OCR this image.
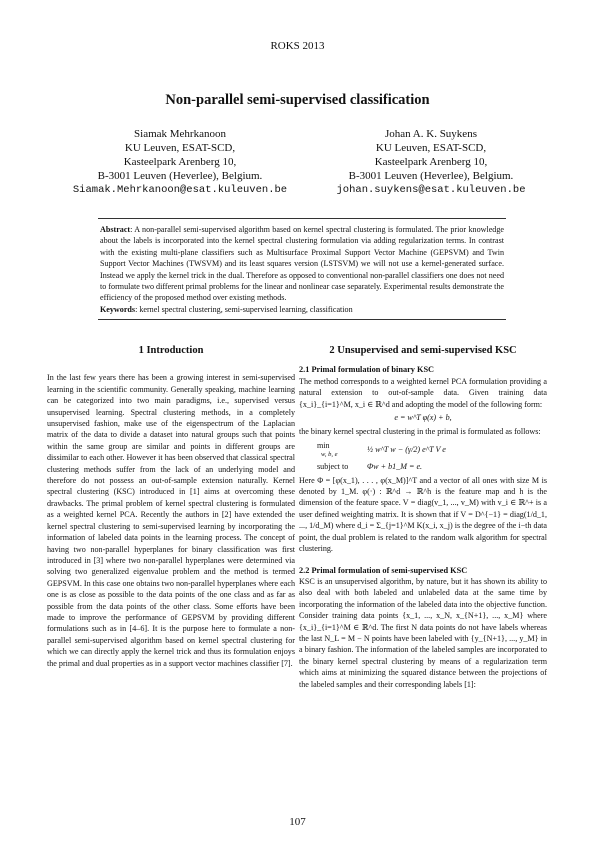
ROKS 2013
Non-parallel semi-supervised classification
Siamak Mehrkanoon
KU Leuven, ESAT-SCD,
Kasteelpark Arenberg 10,
B-3001 Leuven (Heverlee), Belgium.
Siamak.Mehrkanoon@esat.kuleuven.be
Johan A. K. Suykens
KU Leuven, ESAT-SCD,
Kasteelpark Arenberg 10,
B-3001 Leuven (Heverlee), Belgium.
johan.suykens@esat.kuleuven.be

Abstract: A non-parallel semi-supervised algorithm based on kernel spectral clustering is formulated. The prior knowledge about the labels is incorporated into the kernel spectral clustering formulation via adding regularization terms. In contrast with the existing multi-plane classifiers such as Multisurface Proximal Support Vector Machine (GEPSVM) and Twin Support Vector Machines (TWSVM) and its least squares version (LSTSVM) we will not use a kernel-generated surface. Instead we apply the kernel trick in the dual. Therefore as opposed to conventional non-parallel classifiers one does not need to formulate two different primal problems for the linear and nonlinear case separately. Experimental results demonstrate the efficiency of the proposed method over existing methods.

Keywords: kernel spectral clustering, semi-supervised learning, classification

1 Introduction

In the last few years there has been a growing interest in semi-supervised learning in the scientific community. Generally speaking, machine learning can be categorized into two main paradigms, i.e., supervised versus unsupervised learning. Spectral clustering methods, in a completely unsupervised fashion, make use of the eigenspectrum of the Laplacian matrix of the data to divide a dataset into natural groups such that points within the same group are similar and points in different groups are dissimilar to each other. However it has been observed that classical spectral clustering methods suffer from the lack of an underlying model and therefore do not possess an out-of-sample extension naturally. Kernel spectral clustering (KSC) introduced in [1] aims at overcoming these drawbacks. The primal problem of kernel spectral clustering is formulated as a weighted kernel PCA. Recently the authors in [2] have extended the kernel spectral clustering to semi-supervised learning by incorporating the information of labeled data points in the learning process. The concept of having two non-parallel hyperplanes for binary classification was first introduced in [3] where two non-parallel hyperplanes were determined via solving two generalized eigenvalue problem and the method is termed GEPSVM. In this case one obtains two non-parallel hyperplanes where each one is as close as possible to the data points of the one class and as far as possible from the data points of the other class. Some efforts have been made to improve the performance of GEPSVM by providing different formulations such as in [4–6]. It is the purpose here to formulate a non-parallel semi-supervised algorithm based on kernel spectral clustering for which we can directly apply the kernel trick and thus its formulation enjoys the primal and dual properties as in a support vector machines classifier [7].

2 Unsupervised and semi-supervised KSC
2.1 Primal formulation of binary KSC

The method corresponds to a weighted kernel PCA formulation providing a natural extension to out-of-sample data. Given training data {x_i}_{i=1}^M, x_i ∈ ℝ^d and adopting the model of the following form:

e = w^T φ(x) + b,

the binary kernel spectral clustering in the primal is formulated as follows:

min
w, b, e
½ w^T w − (γ/2) e^T V e
subject to	Φw + b1_M = e.

Here Φ = [φ(x_1), . . . , φ(x_M)]^T and a vector of all ones with size M is denoted by 1_M. φ(·) : ℝ^d → ℝ^h is the feature map and h is the dimension of the feature space. V = diag(v_1, ..., v_M) with v_i ∈ ℝ^+ is a user defined weighting matrix. It is shown that if V = D^{−1} = diag(1/d_1, ..., 1/d_M) where d_i = Σ_{j=1}^M K(x_i, x_j) is the degree of the i−th data point, the dual problem is related to the random walk algorithm for spectral clustering.

2.2 Primal formulation of semi-supervised KSC

KSC is an unsupervised algorithm, by nature, but it has shown its ability to also deal with both labeled and unlabeled data at the same time by incorporating the information of the labeled data into the objective function. Consider training data points {x_1, ..., x_N, x_{N+1}, ..., x_M} where {x_i}_{i=1}^M ∈ ℝ^d. The first N data points do not have labels whereas the last N_L = M − N points have been labeled with {y_{N+1}, ..., y_M} in a binary fashion. The information of the labeled samples are incorporated to the binary kernel spectral clustering by means of a regularization term which aims at minimizing the squared distance between the projections of the labeled samples and their corresponding labels [1]:

107
